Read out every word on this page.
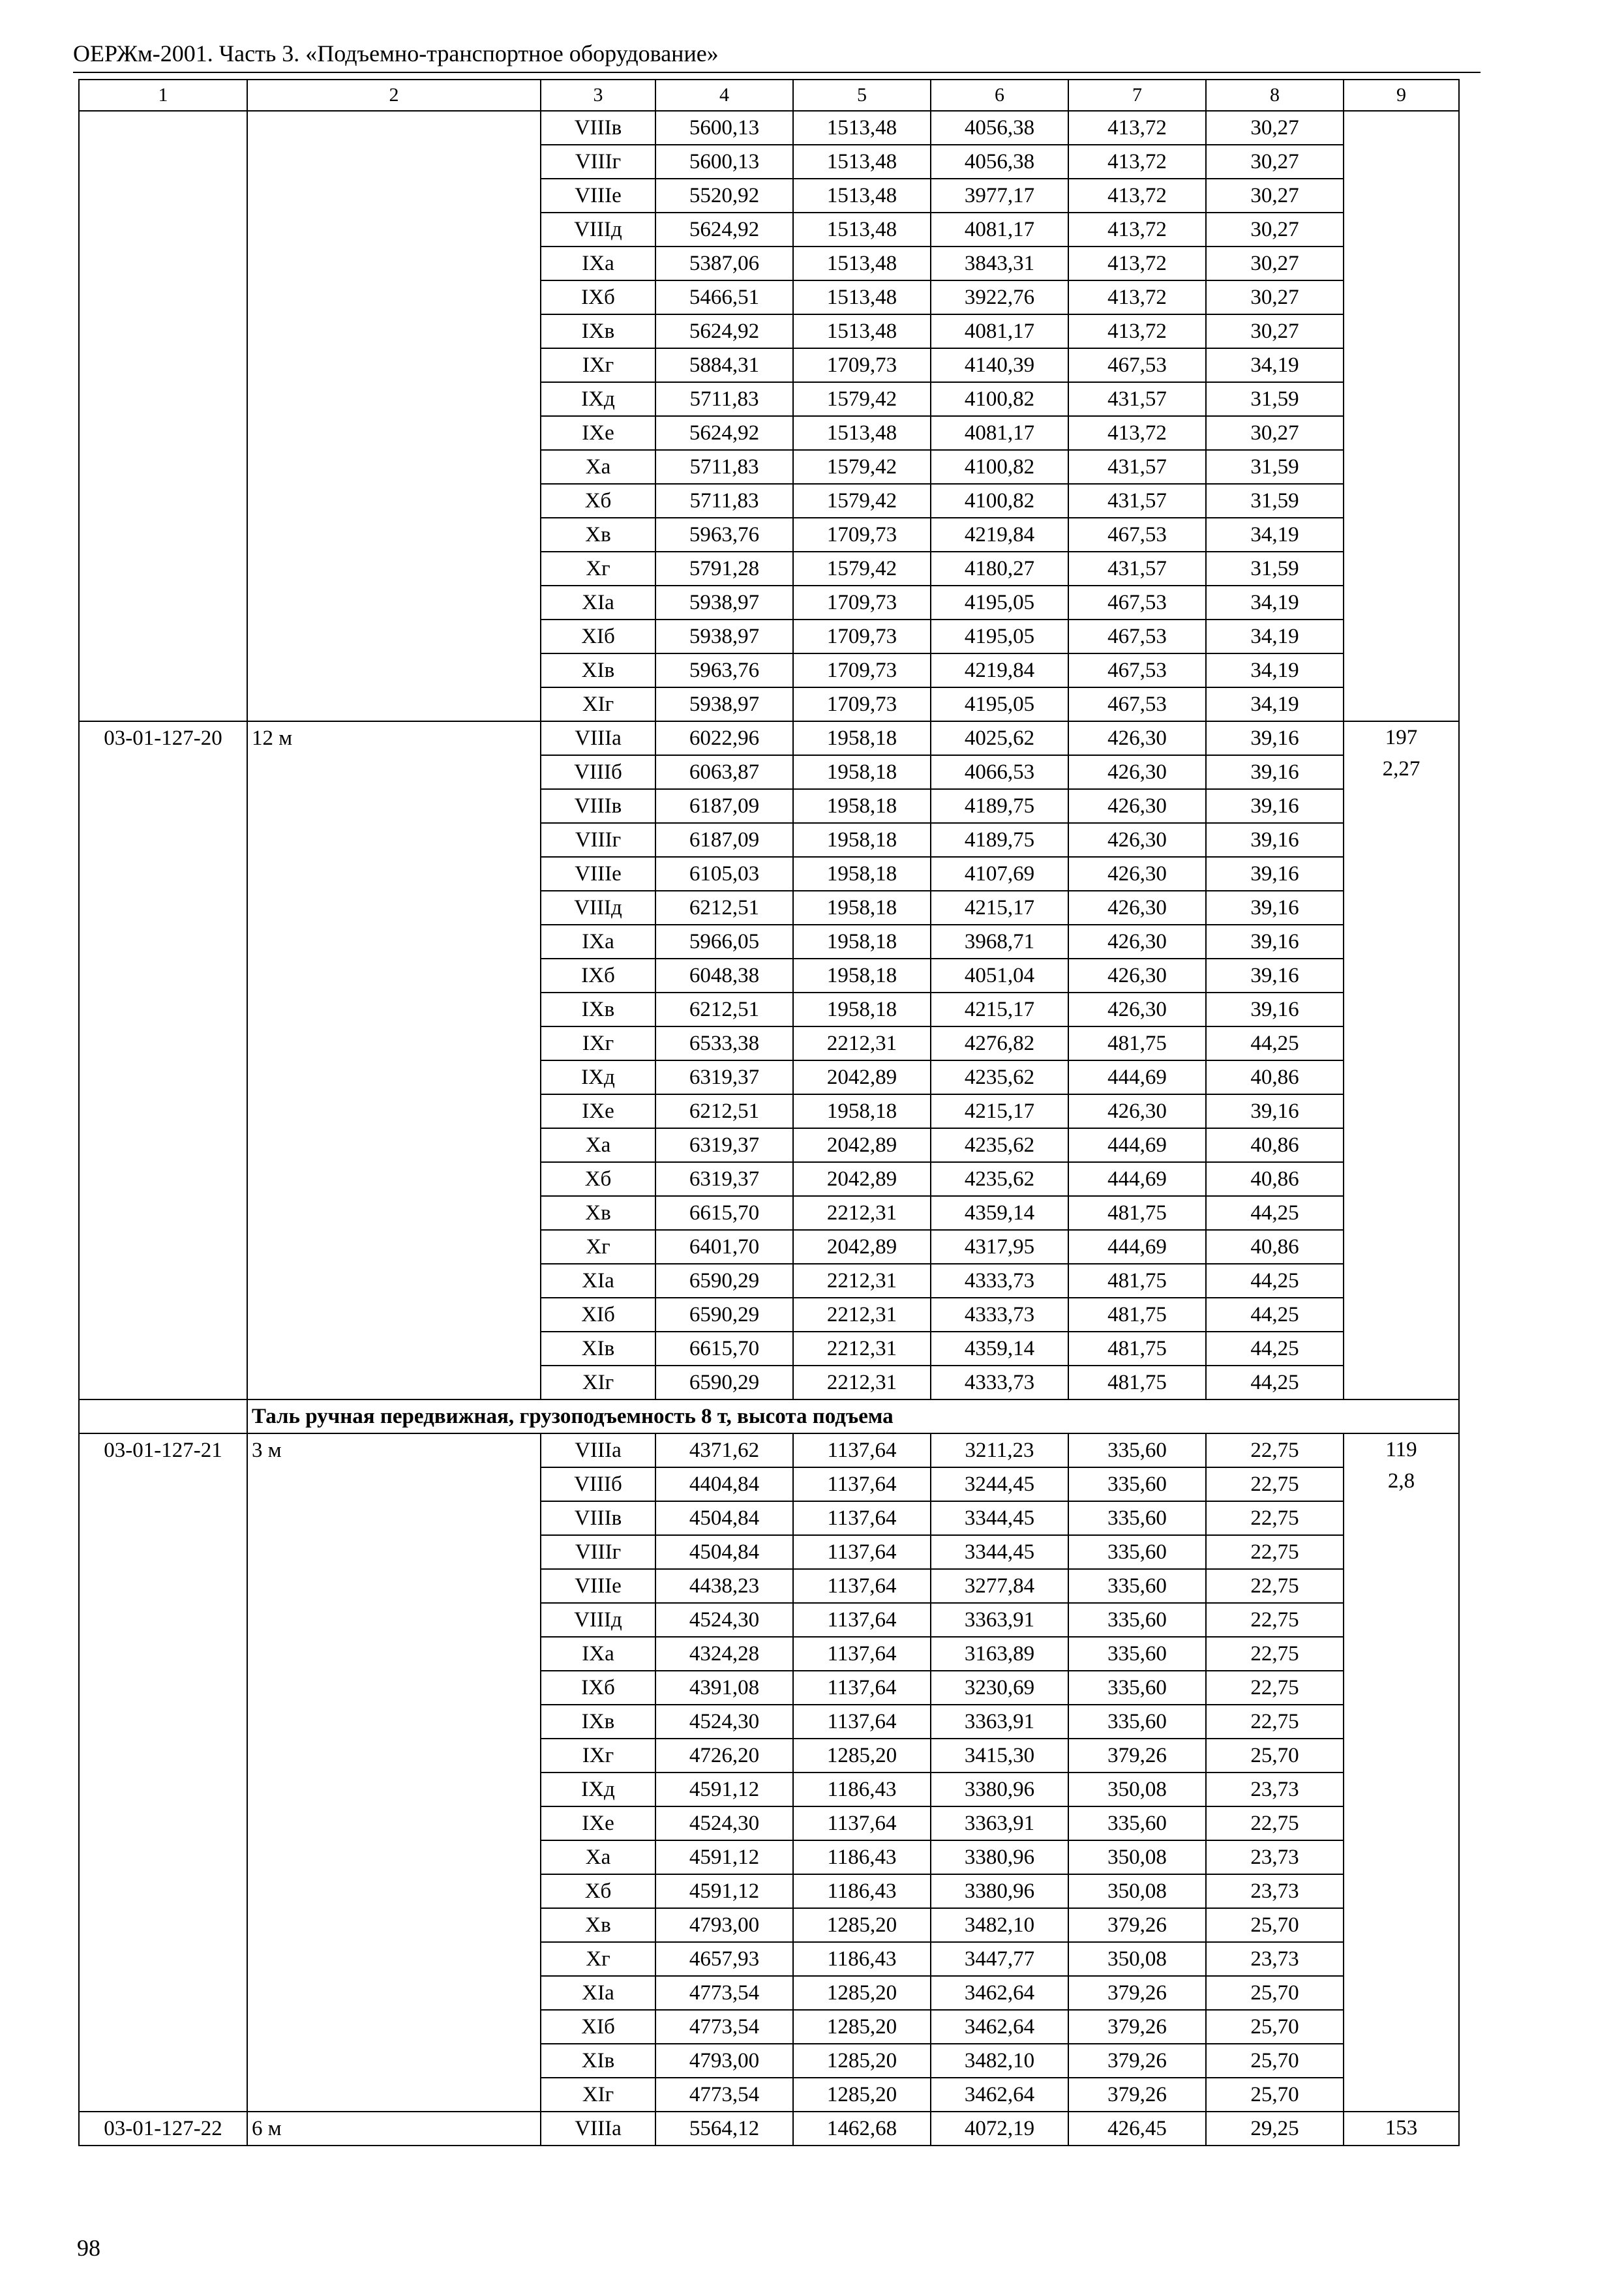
ОЕРЖм-2001. Часть 3. «Подъемно-транспортное оборудование»
1	2	3	4	5	6	7	8	9
		VIIIв	5600,13	1513,48	4056,38	413,72	30,27	
		VIIIг	5600,13	1513,48	4056,38	413,72	30,27	
		VIIIе	5520,92	1513,48	3977,17	413,72	30,27	
		VIIIд	5624,92	1513,48	4081,17	413,72	30,27	
		IXа	5387,06	1513,48	3843,31	413,72	30,27	
		IXб	5466,51	1513,48	3922,76	413,72	30,27	
		IXв	5624,92	1513,48	4081,17	413,72	30,27	
		IXг	5884,31	1709,73	4140,39	467,53	34,19	
		IXд	5711,83	1579,42	4100,82	431,57	31,59	
		IXе	5624,92	1513,48	4081,17	413,72	30,27	
		Xа	5711,83	1579,42	4100,82	431,57	31,59	
		Xб	5711,83	1579,42	4100,82	431,57	31,59	
		Xв	5963,76	1709,73	4219,84	467,53	34,19	
		Xг	5791,28	1579,42	4180,27	431,57	31,59	
		XIа	5938,97	1709,73	4195,05	467,53	34,19	
		XIб	5938,97	1709,73	4195,05	467,53	34,19	
		XIв	5963,76	1709,73	4219,84	467,53	34,19	
		XIг	5938,97	1709,73	4195,05	467,53	34,19	
03-01-127-20	12 м	VIIIа	6022,96	1958,18	4025,62	426,30	39,16	197
2,27

		VIIIб	6063,87	1958,18	4066,53	426,30	39,16	
		VIIIв	6187,09	1958,18	4189,75	426,30	39,16	
		VIIIг	6187,09	1958,18	4189,75	426,30	39,16	
		VIIIе	6105,03	1958,18	4107,69	426,30	39,16	
		VIIIд	6212,51	1958,18	4215,17	426,30	39,16	
		IXа	5966,05	1958,18	3968,71	426,30	39,16	
		IXб	6048,38	1958,18	4051,04	426,30	39,16	
		IXв	6212,51	1958,18	4215,17	426,30	39,16	
		IXг	6533,38	2212,31	4276,82	481,75	44,25	
		IXд	6319,37	2042,89	4235,62	444,69	40,86	
		IXе	6212,51	1958,18	4215,17	426,30	39,16	
		Xа	6319,37	2042,89	4235,62	444,69	40,86	
		Xб	6319,37	2042,89	4235,62	444,69	40,86	
		Xв	6615,70	2212,31	4359,14	481,75	44,25	
		Xг	6401,70	2042,89	4317,95	444,69	40,86	
		XIа	6590,29	2212,31	4333,73	481,75	44,25	
		XIб	6590,29	2212,31	4333,73	481,75	44,25	
		XIв	6615,70	2212,31	4359,14	481,75	44,25	
		XIг	6590,29	2212,31	4333,73	481,75	44,25	
	Таль ручная передвижная, грузоподъемность 8 т, высота подъема							
03-01-127-21	3 м	VIIIа	4371,62	1137,64	3211,23	335,60	22,75	119
2,8

		VIIIб	4404,84	1137,64	3244,45	335,60	22,75	
		VIIIв	4504,84	1137,64	3344,45	335,60	22,75	
		VIIIг	4504,84	1137,64	3344,45	335,60	22,75	
		VIIIе	4438,23	1137,64	3277,84	335,60	22,75	
		VIIIд	4524,30	1137,64	3363,91	335,60	22,75	
		IXа	4324,28	1137,64	3163,89	335,60	22,75	
		IXб	4391,08	1137,64	3230,69	335,60	22,75	
		IXв	4524,30	1137,64	3363,91	335,60	22,75	
		IXг	4726,20	1285,20	3415,30	379,26	25,70	
		IXд	4591,12	1186,43	3380,96	350,08	23,73	
		IXе	4524,30	1137,64	3363,91	335,60	22,75	
		Xа	4591,12	1186,43	3380,96	350,08	23,73	
		Xб	4591,12	1186,43	3380,96	350,08	23,73	
		Xв	4793,00	1285,20	3482,10	379,26	25,70	
		Xг	4657,93	1186,43	3447,77	350,08	23,73	
		XIа	4773,54	1285,20	3462,64	379,26	25,70	
		XIб	4773,54	1285,20	3462,64	379,26	25,70	
		XIв	4793,00	1285,20	3482,10	379,26	25,70	
		XIг	4773,54	1285,20	3462,64	379,26	25,70	
03-01-127-22	6 м	VIIIа	5564,12	1462,68	4072,19	426,45	29,25	153
98
